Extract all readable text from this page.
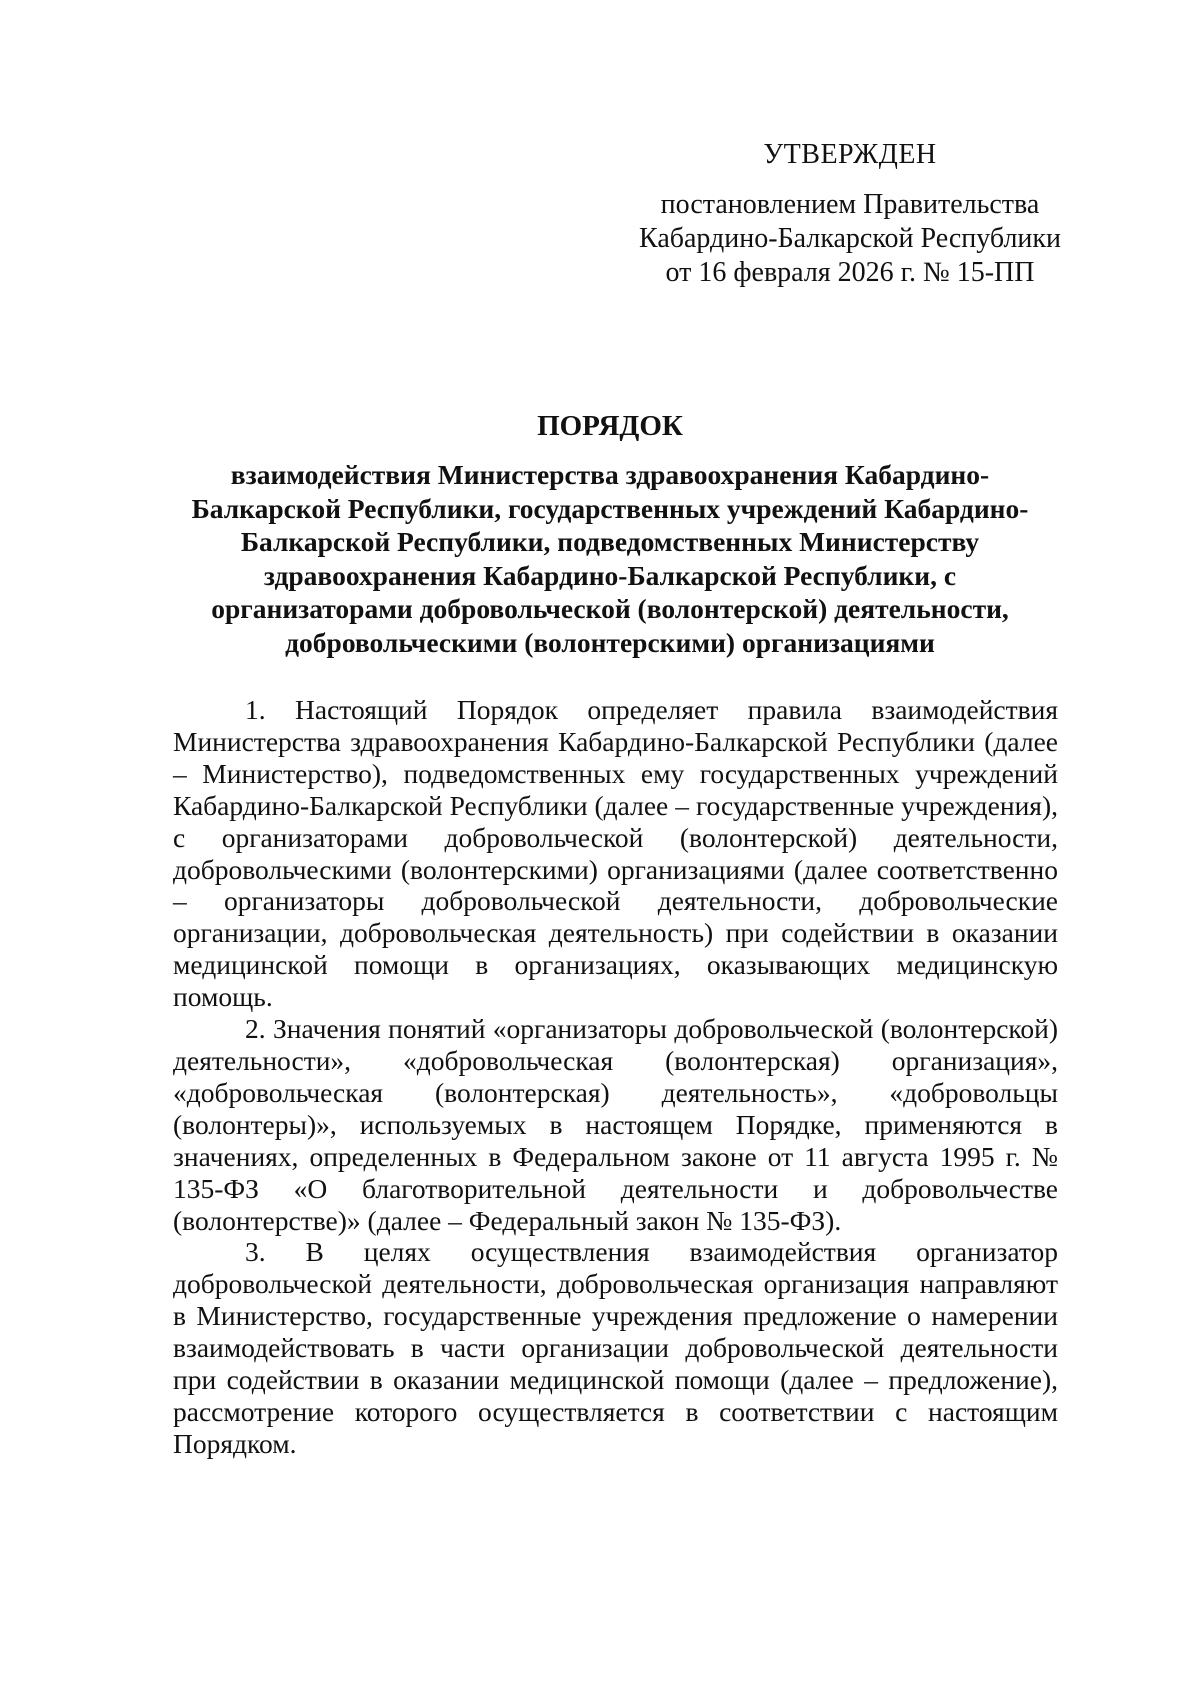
УТВЕРЖДЕН
постановлением Правительства
Кабардино-Балкарской Республики
от 16 февраля 2026 г. № 15-ПП
ПОРЯДОК
взаимодействия Министерства здравоохранения Кабардино-Балкарской Республики, государственных учреждений Кабардино-Балкарской Республики, подведомственных Министерству здравоохранения Кабардино-Балкарской Республики, с организаторами добровольческой (волонтерской) деятельности, добровольческими (волонтерскими) организациями

1. Настоящий Порядок определяет правила взаимодействия Министерства здравоохранения Кабардино-Балкарской Республики (далее – Министерство), подведомственных ему государственных учреждений Кабардино-Балкарской Республики (далее – государственные учреждения), с организаторами добровольческой (волонтерской) деятельности, добровольческими (волонтерскими) организациями (далее соответственно – организаторы добровольческой деятельности, добровольческие организации, добровольческая деятельность) при содействии в оказании медицинской помощи в организациях, оказывающих медицинскую помощь.

2. Значения понятий «организаторы добровольческой (волонтерской) деятельности», «добровольческая (волонтерская) организация», «добровольческая (волонтерская) деятельность», «добровольцы (волонтеры)», используемых в настоящем Порядке, применяются в значениях, определенных в Федеральном законе от 11 августа 1995 г. № 135-ФЗ «О благотворительной деятельности и добровольчестве (волонтерстве)» (далее – Федеральный закон № 135-ФЗ).

3. В целях осуществления взаимодействия организатор добровольческой деятельности, добровольческая организация направляют в Министерство, государственные учреждения предложение о намерении взаимодействовать в части организации добровольческой деятельности при содействии в оказании медицинской помощи (далее – предложение), рассмотрение которого осуществляется в соответствии с настоящим Порядком.
